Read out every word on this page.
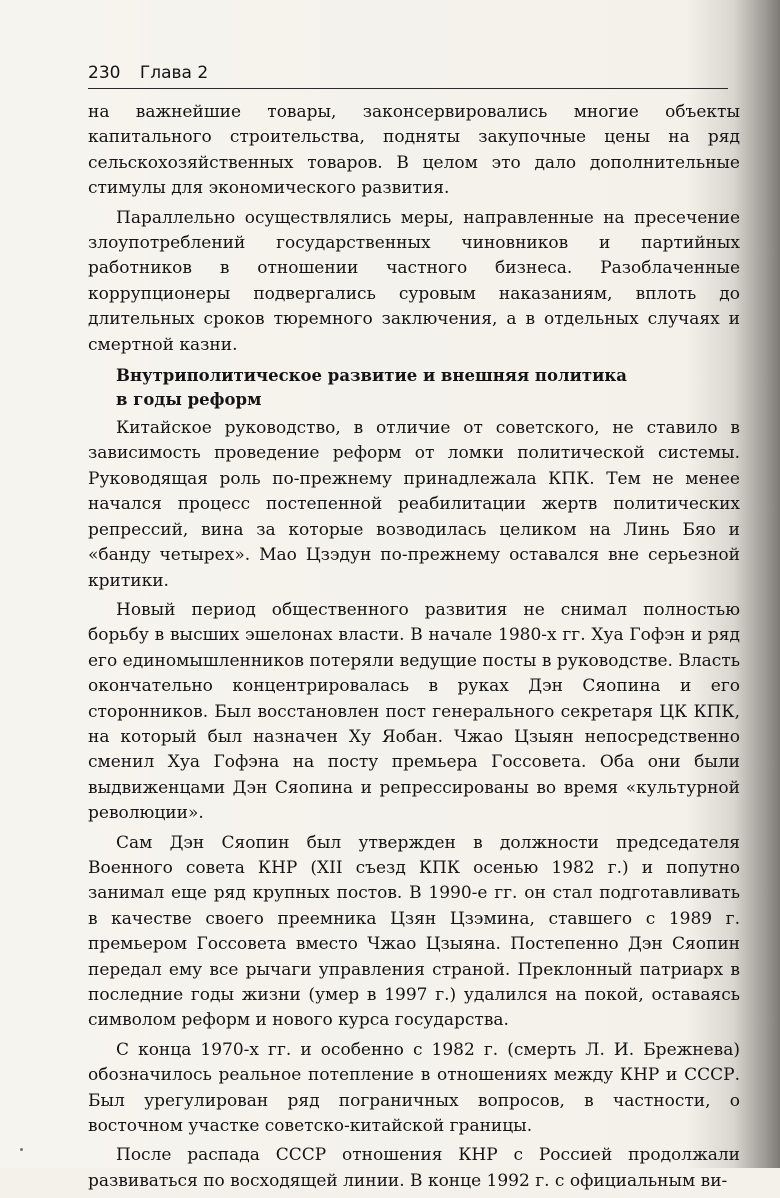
230 Глава 2

на важнейшие товары, законсервировались многие объекты капитального строительства, подняты закупочные цены на ряд сельскохозяйственных товаров. В целом это дало дополнительные стимулы для экономического развития.

Параллельно осуществлялись меры, направленные на пресечение злоупотреблений государственных чиновников и партийных работников в отношении частного бизнеса. Разоблаченные коррупционеры подвергались суровым наказаниям, вплоть до длительных сроков тюремного заключения, а в отдельных случаях и смертной казни.

Внутриполитическое развитие и внешняя политика в годы реформ

Китайское руководство, в отличие от советского, не ставило в зависимость проведение реформ от ломки политической системы. Руководящая роль по-прежнему принадлежала КПК. Тем не менее начался процесс постепенной реабилитации жертв политических репрессий, вина за которые возводилась целиком на Линь Бяо и «банду четырех». Мао Цзэдун по-прежнему оставался вне серьезной критики.

Новый период общественного развития не снимал полностью борьбу в высших эшелонах власти. В начале 1980-х гг. Хуа Гофэн и ряд его единомышленников потеряли ведущие посты в руководстве. Власть окончательно концентрировалась в руках Дэн Сяопина и его сторонников. Был восстановлен пост генерального секретаря ЦК КПК, на который был назначен Ху Яобан. Чжао Цзыян непосредственно сменил Хуа Гофэна на посту премьера Госсовета. Оба они были выдвиженцами Дэн Сяопина и репрессированы во время «культурной революции».

Сам Дэн Сяопин был утвержден в должности председателя Военного совета КНР (XII съезд КПК осенью 1982 г.) и попутно занимал еще ряд крупных постов. В 1990-е гг. он стал подготавливать в качестве своего преемника Цзян Цзэмина, ставшего с 1989 г. премьером Госсовета вместо Чжао Цзыяна. Постепенно Дэн Сяопин передал ему все рычаги управления страной. Преклонный патриарх в последние годы жизни (умер в 1997 г.) удалился на покой, оставаясь символом реформ и нового курса государства.

С конца 1970-х гг. и особенно с 1982 г. (смерть Л. И. Брежнева) обозначилось реальное потепление в отношениях между КНР и СССР. Был урегулирован ряд пограничных вопросов, в частности, о восточном участке советско-китайской границы.

После распада СССР отношения КНР с Россией продолжали развиваться по восходящей линии. В конце 1992 г. с официальным ви-
